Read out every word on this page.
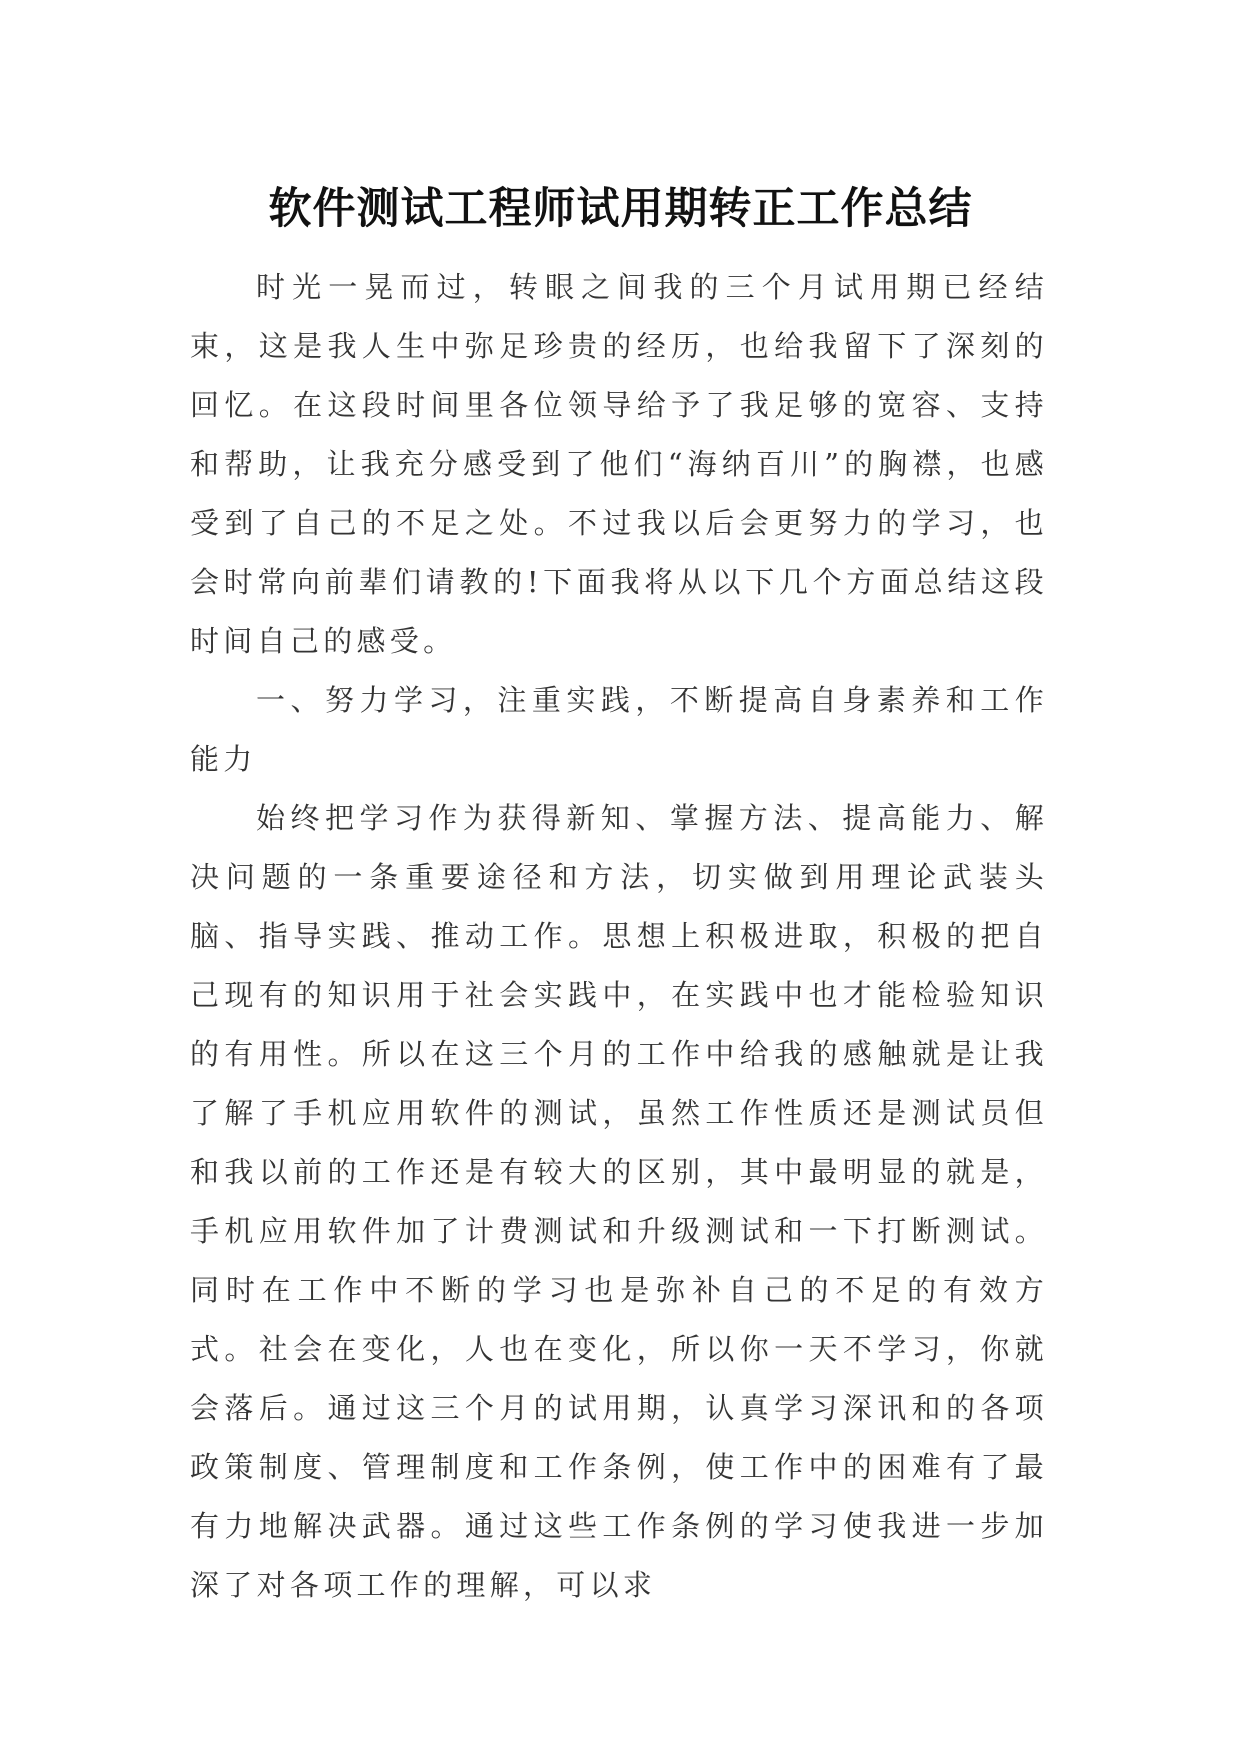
软件测试工程师试用期转正工作总结

时光一晃而过，转眼之间我的三个月试用期已经结束，这是我人生中弥足珍贵的经历，也给我留下了深刻的回忆。在这段时间里各位领导给予了我足够的宽容、支持和帮助，让我充分感受到了他们“海纳百川”的胸襟，也感受到了自己的不足之处。不过我以后会更努力的学习，也会时常向前辈们请教的!下面我将从以下几个方面总结这段时间自己的感受。

一、努力学习，注重实践，不断提高自身素养和工作能力

始终把学习作为获得新知、掌握方法、提高能力、解决问题的一条重要途径和方法，切实做到用理论武装头脑、指导实践、推动工作。思想上积极进取，积极的把自己现有的知识用于社会实践中，在实践中也才能检验知识的有用性。所以在这三个月的工作中给我的感触就是让我了解了手机应用软件的测试，虽然工作性质还是测试员但和我以前的工作还是有较大的区别，其中最明显的就是，手机应用软件加了计费测试和升级测试和一下打断测试。同时在工作中不断的学习也是弥补自己的不足的有效方式。社会在变化，人也在变化，所以你一天不学习，你就会落后。通过这三个月的试用期，认真学习深讯和的各项政策制度、管理制度和工作条例，使工作中的困难有了最有力地解决武器。通过这些工作条例的学习使我进一步加深了对各项工作的理解，可以求
